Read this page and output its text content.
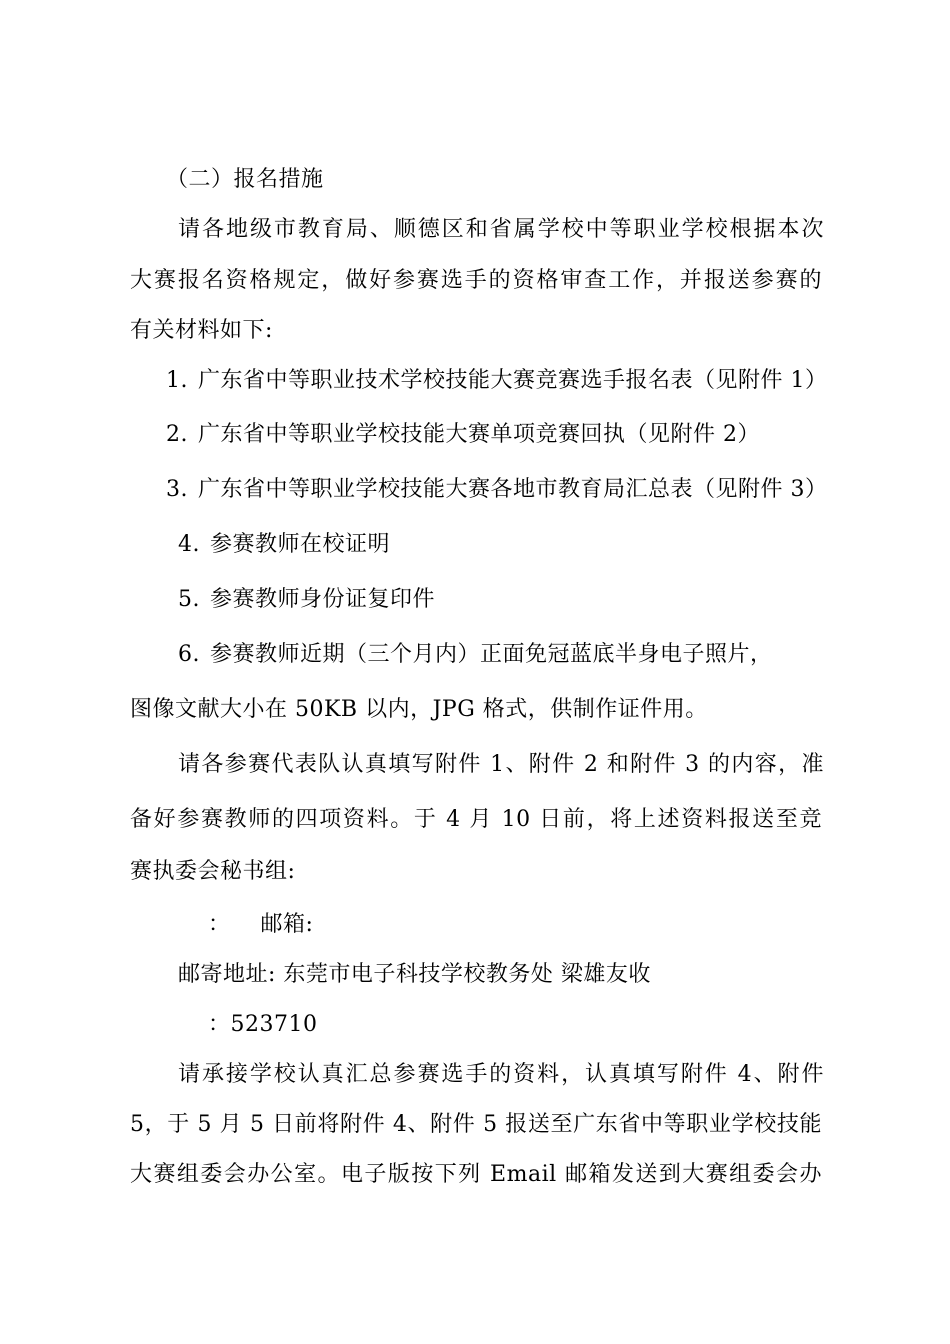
（二）报名措施

请各地级市教育局、顺德区和省属学校中等职业学校根据本次

大赛报名资格规定，做好参赛选手的资格审查工作，并报送参赛的

有关材料如下:

1. 广东省中等职业技术学校技能大赛竞赛选手报名表（见附件 1）

2. 广东省中等职业学校技能大赛单项竞赛回执（见附件 2）

3. 广东省中等职业学校技能大赛各地市教育局汇总表（见附件 3）

4. 参赛教师在校证明

5. 参赛教师身份证复印件

6. 参赛教师近期（三个月内）正面免冠蓝底半身电子照片，

图像文献大小在 50KB 以内，JPG 格式，供制作证件用。

请各参赛代表队认真填写附件 1、附件 2 和附件 3 的内容，准

备好参赛教师的四项资料。于 4 月 10 日前，将上述资料报送至竞

赛执委会秘书组:

：    邮箱:

邮寄地址: 东莞市电子科技学校教务处 梁雄友收

：523710

请承接学校认真汇总参赛选手的资料，认真填写附件 4、附件

5，于 5 月 5 日前将附件 4、附件 5 报送至广东省中等职业学校技能

大赛组委会办公室。电子版按下列 Email 邮箱发送到大赛组委会办
